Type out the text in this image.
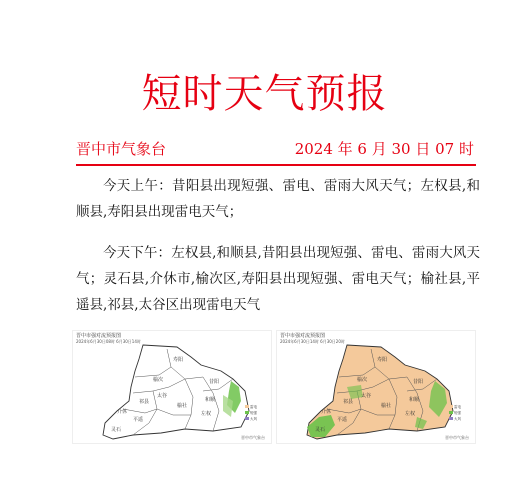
短时天气预报
晋中市气象台	2024 年 6 月 30 日 07 时
今天上午：昔阳县出现短强、雷电、雷雨大风天气；左权县,和顺县,寿阳县出现雷电天气；
今天下午：左权县,和顺县,昔阳县出现短强、雷电、雷雨大风天气；灵石县,介休市,榆次区,寿阳县出现短强、雷电天气；榆社县,平遥县,祁县,太谷区出现雷电天气
晋中市强对流预报图
2024年6月30日08时 6月30日14时
寿阳
榆次
太谷
祁县
昔阳
和顺
平遥
榆社
左权
介休
灵石
雷电
短强
大风
晋中市气象台
晋中市强对流预报图
2024年6月30日14时 6月30日20时
寿阳
榆次
太谷
祁县
昔阳
和顺
平遥
榆社
左权
介休
灵石
雷电
短强
大风
晋中市气象台
